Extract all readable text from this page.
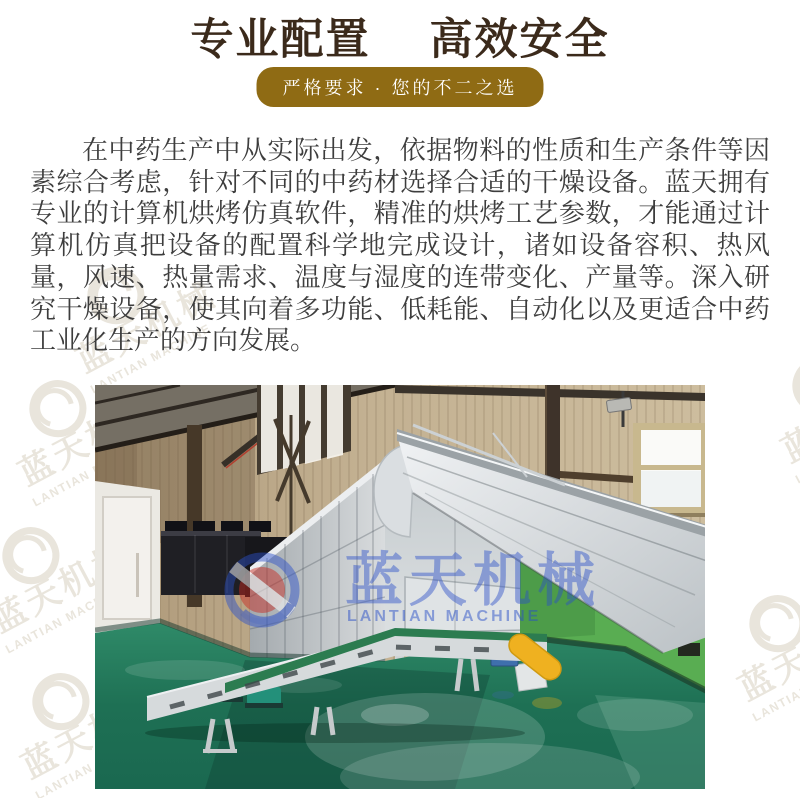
蓝天机械
LANTIAN MACHINE
专业配置　 高效安全
严格要求 · 您的不二之选

在中药生产中从实际出发，依据物料的性质和生产条件等因素综合考虑，针对不同的中药材选择合适的干燥设备。蓝天拥有专业的计算机烘烤仿真软件，精准的烘烤工艺参数，才能通过计算机仿真把设备的配置科学地完成设计，诸如设备容积、热风量，风速、热量需求、温度与湿度的连带变化、产量等。深入研究干燥设备，使其向着多功能、低耗能、自动化以及更适合中药工业化生产的方向发展。

蓝天机械
LANTIAN MACHINE
